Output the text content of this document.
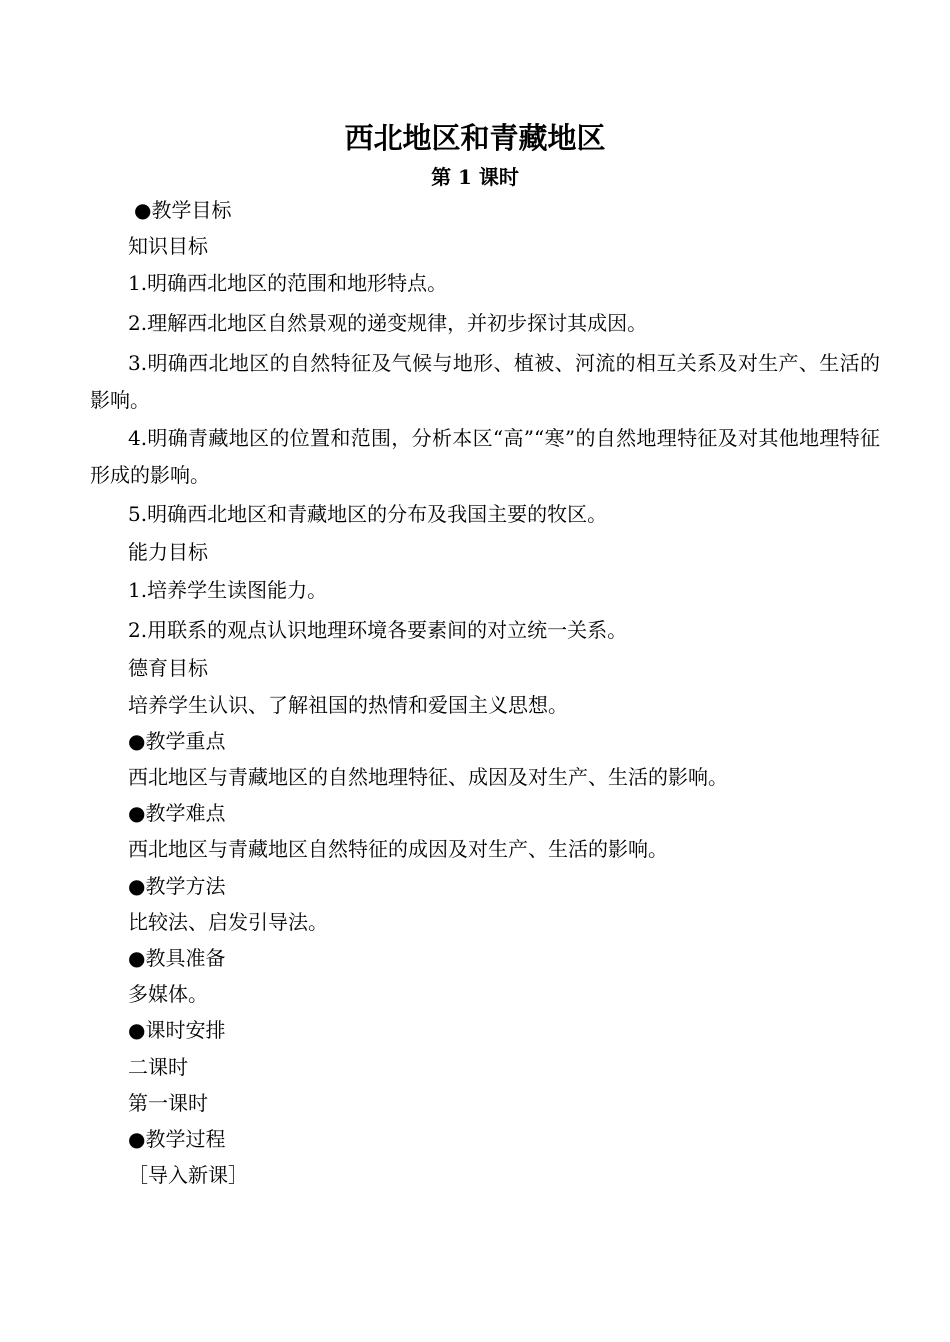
西北地区和青藏地区
第 1 课时
●教学目标
知识目标
1.明确西北地区的范围和地形特点。
2.理解西北地区自然景观的递变规律，并初步探讨其成因。
3.明确西北地区的自然特征及气候与地形、植被、河流的相互关系及对生产、生活的影响。
4.明确青藏地区的位置和范围，分析本区“高”“寒”的自然地理特征及对其他地理特征形成的影响。
5.明确西北地区和青藏地区的分布及我国主要的牧区。
能力目标
1.培养学生读图能力。
2.用联系的观点认识地理环境各要素间的对立统一关系。
德育目标
培养学生认识、了解祖国的热情和爱国主义思想。
●教学重点
西北地区与青藏地区的自然地理特征、成因及对生产、生活的影响。
●教学难点
西北地区与青藏地区自然特征的成因及对生产、生活的影响。
●教学方法
比较法、启发引导法。
●教具准备
多媒体。
●课时安排
二课时
第一课时
●教学过程
［导入新课］
